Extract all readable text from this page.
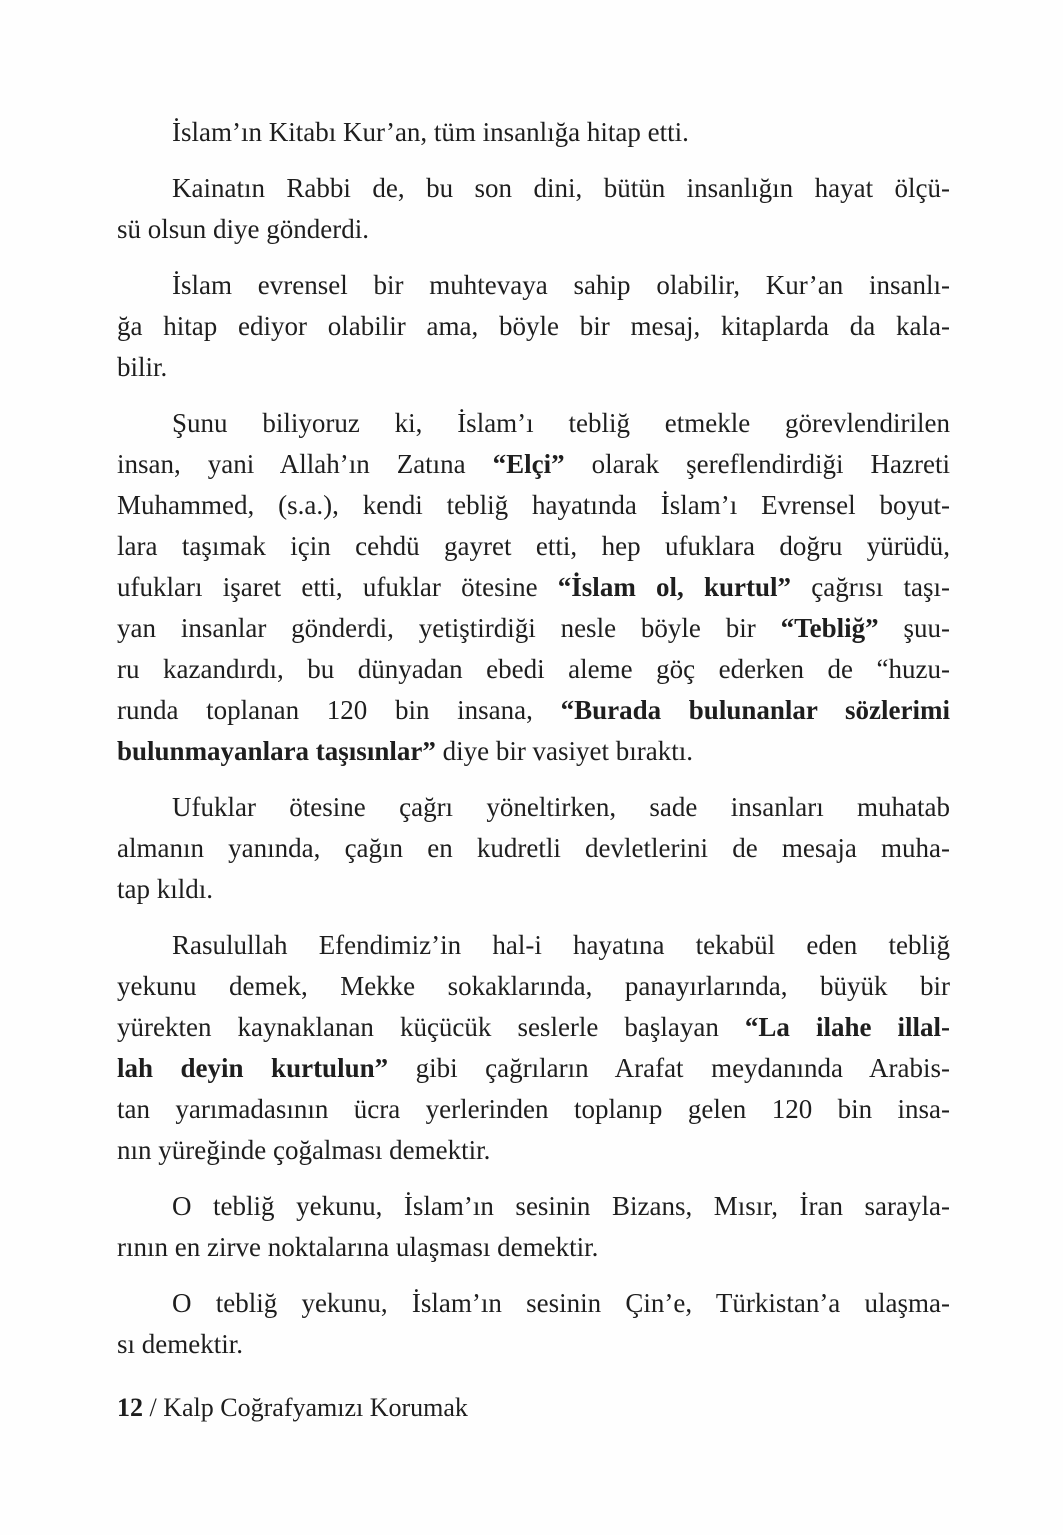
İslam’ın Kitabı Kur’an, tüm insanlığa hitap etti.
Kainatın Rabbi de, bu son dini, bütün insanlığın hayat ölçü-
sü olsun diye gönderdi.
İslam evrensel bir muhtevaya sahip olabilir, Kur’an insanlı-
ğa hitap ediyor olabilir ama, böyle bir mesaj, kitaplarda da kala-
bilir.
Şunu biliyoruz ki, İslam’ı tebliğ etmekle görevlendirilen
insan, yani Allah’ın Zatına “Elçi” olarak şereflendirdiği Hazreti
Muhammed, (s.a.), kendi tebliğ hayatında İslam’ı Evrensel boyut-
lara taşımak için cehdü gayret etti, hep ufuklara doğru yürüdü,
ufukları işaret etti, ufuklar ötesine “İslam ol, kurtul” çağrısı taşı-
yan insanlar gönderdi, yetiştirdiği nesle böyle bir “Tebliğ” şuu-
ru kazandırdı, bu dünyadan ebedi aleme göç ederken de “huzu-
runda toplanan 120 bin insana, “Burada bulunanlar sözlerimi
bulunmayanlara taşısınlar” diye bir vasiyet bıraktı.
Ufuklar ötesine çağrı yöneltirken, sade insanları muhatab
almanın yanında, çağın en kudretli devletlerini de mesaja muha-
tap kıldı.
Rasulullah Efendimiz’in hal-i hayatına tekabül eden tebliğ
yekunu demek, Mekke sokaklarında, panayırlarında, büyük bir
yürekten kaynaklanan küçücük seslerle başlayan “La ilahe illal-
lah deyin kurtulun” gibi çağrıların Arafat meydanında Arabis-
tan yarımadasının ücra yerlerinden toplanıp gelen 120 bin insa-
nın yüreğinde çoğalması demektir.
O tebliğ yekunu, İslam’ın sesinin Bizans, Mısır, İran sarayla-
rının en zirve noktalarına ulaşması demektir.
O tebliğ yekunu, İslam’ın sesinin Çin’e, Türkistan’a ulaşma-
sı demektir.
12 / Kalp Coğrafyamızı Korumak
